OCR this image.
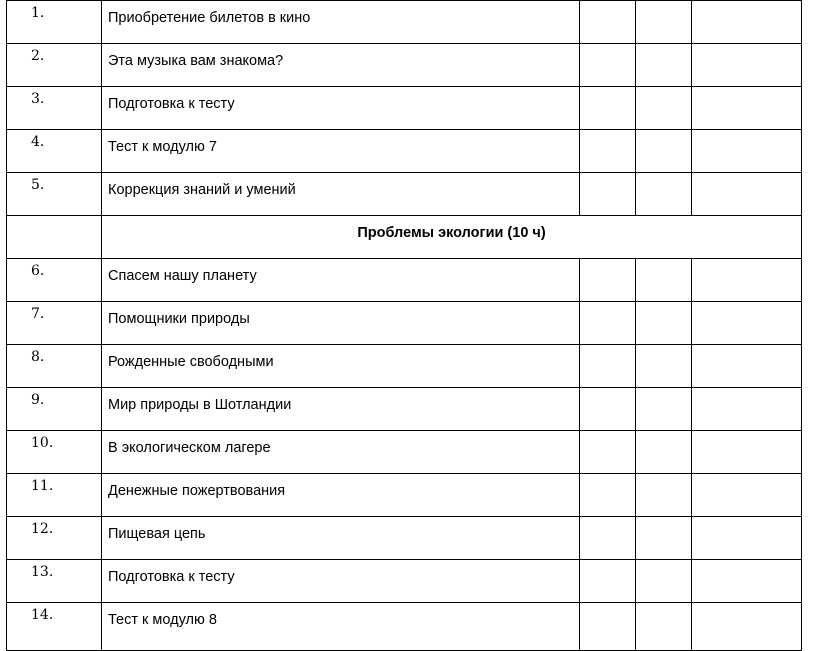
1.	Приобретение билетов в кино			
2.	Эта музыка вам знакома?			
3.	Подготовка к тесту			
4.	Тест к модулю 7			
5.	Коррекция знаний и умений			
	Проблемы экологии (10 ч)			
6.	Спасем нашу планету			
7.	Помощники природы			
8.	Рожденные свободными			
9.	Мир природы в Шотландии			
10.	В экологическом лагере			
11.	Денежные пожертвования			
12.	Пищевая цепь			
13.	Подготовка к тесту			
14.	Тест к модулю 8			
